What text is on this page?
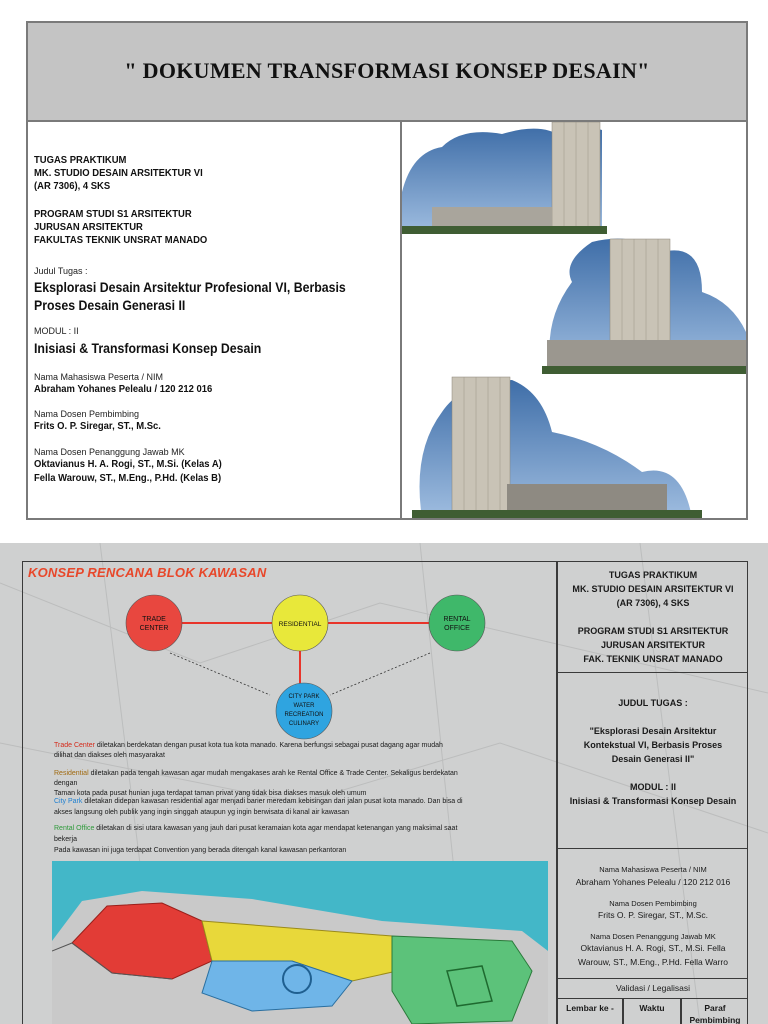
" DOKUMEN TRANSFORMASI KONSEP DESAIN"
TUGAS PRAKTIKUM
MK. STUDIO DESAIN ARSITEKTUR VI
(AR 7306), 4 SKS
PROGRAM STUDI S1 ARSITEKTUR
JURUSAN ARSITEKTUR
FAKULTAS TEKNIK UNSRAT MANADO
Judul Tugas :
Eksplorasi Desain Arsitektur Profesional VI, Berbasis
Proses Desain Generasi II
MODUL : II
Inisiasi & Transformasi Konsep Desain
Nama Mahasiswa Peserta / NIM
Abraham Yohanes Pelealu / 120 212 016
Nama Dosen Pembimbing
Frits O. P. Siregar, ST., M.Sc.
Nama Dosen Penanggung Jawab MK
Oktavianus H. A. Rogi, ST., M.Si. (Kelas A)
Fella Warouw, ST., M.Eng., P.Hd. (Kelas B)
KONSEP RENCANA BLOK KAWASAN
TRADE
CENTER
RESIDENTIAL
RENTAL
OFFICE
CITY PARK
WATER
RECREATION
CULINARY
Trade Center diletakan berdekatan dengan pusat kota tua kota manado. Karena berfungsi sebagai pusat dagang agar mudah
dilihat dan diakses oleh masyarakat
Residential diletakan pada tengah kawasan agar mudah mengakases arah ke Rental Office & Trade Center. Sekaligus berdekatan
dengan
Taman kota pada pusat hunian juga terdapat taman privat yang tidak bisa diakses masuk oleh umum
City Park diletakan didepan kawasan residential agar menjadi barier meredam kebisingan dari jalan pusat kota manado. Dan bisa di
akses langsung oleh publik yang ingin singgah ataupun yg ingin berwisata di kanal air kawasan
Rental Office diletakan di sisi utara kawasan yang jauh dari pusat keramaian kota agar mendapat ketenangan yang maksimal saat
bekerja
Pada kawasan ini juga terdapat Convention yang berada ditengah kanal kawasan perkantoran
TUGAS PRAKTIKUM
MK. STUDIO DESAIN ARSITEKTUR VI
(AR 7306), 4 SKS
PROGRAM STUDI S1 ARSITEKTUR
JURUSAN ARSITEKTUR
FAK. TEKNIK UNSRAT MANADO
JUDUL TUGAS :
"Eksplorasi Desain Arsitektur
Kontekstual VI, Berbasis Proses
Desain Generasi II"
MODUL : II
Inisiasi & Transformasi Konsep Desain
Nama Mahasiswa Peserta / NIM
Abraham Yohanes Pelealu / 120 212 016
Nama Dosen Pembimbing
Frits O. P. Siregar, ST., M.Sc.
Nama Dosen Penanggung Jawab MK
Oktavianus H. A. Rogi, ST., M.Si. Fella
Warouw, ST., M.Eng., P.Hd. Fella Warro
Validasi / Legalisasi
Lembar ke -	Waktu	Paraf
Pembimbing
